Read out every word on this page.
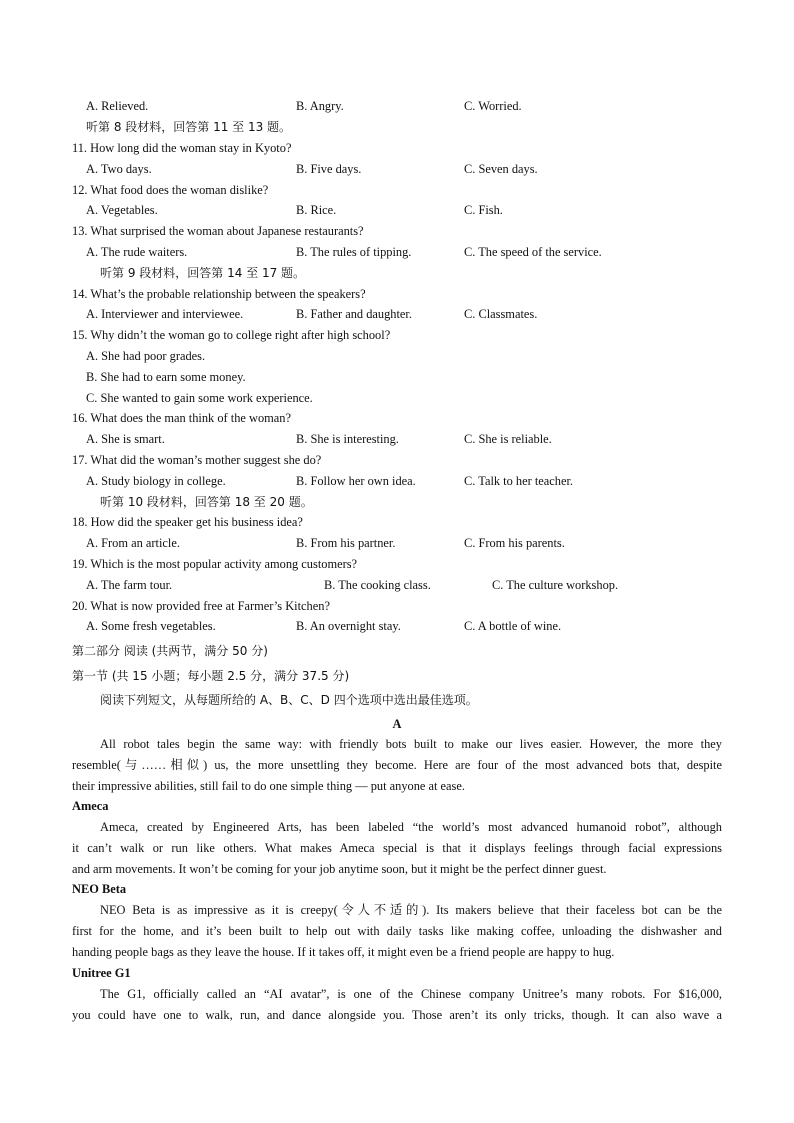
A. Relieved.	B. Angry.	C. Worried.
听第 8 段材料，回答第 11 至 13 题。
11. How long did the woman stay in Kyoto?
A. Two days.	B. Five days.	C. Seven days.
12. What food does the woman dislike?
A. Vegetables.	B. Rice.	C. Fish.
13. What surprised the woman about Japanese restaurants?
A. The rude waiters.	B. The rules of tipping.	C. The speed of the service.
听第 9 段材料，回答第 14 至 17 题。
14. What’s the probable relationship between the speakers?
A. Interviewer and interviewee.	B. Father and daughter.	C. Classmates.
15. Why didn’t the woman go to college right after high school?
A. She had poor grades.
B. She had to earn some money.
C. She wanted to gain some work experience.
16. What does the man think of the woman?
A. She is smart.	B. She is interesting.	C. She is reliable.
17. What did the woman’s mother suggest she do?
A. Study biology in college.	B. Follow her own idea.	C. Talk to her teacher.
听第 10 段材料，回答第 18 至 20 题。
18. How did the speaker get his business idea?
A. From an article.	B. From his partner.	C. From his parents.
19. Which is the most popular activity among customers?
A. The farm tour.	B. The cooking class.	C. The culture workshop.
20. What is now provided free at Farmer’s Kitchen?
A. Some fresh vegetables.	B. An overnight stay.	C. A bottle of wine.
第二部分 阅读 (共两节，满分 50 分)
第一节 (共 15 小题；每小题 2.5 分，满分 37.5 分)
阅读下列短文，从每题所给的 A、B、C、D 四个选项中选出最佳选项。
A
All robot tales begin the same way: with friendly bots built to make our lives easier. However, the more they
resemble(与……相似) us, the more unsettling they become. Here are four of the most advanced bots that, despite
their impressive abilities, still fail to do one simple thing — put anyone at ease.
Ameca
Ameca, created by Engineered Arts, has been labeled “the world’s most advanced humanoid robot”, although
it can’t walk or run like others. What makes Ameca special is that it displays feelings through facial expressions
and arm movements. It won’t be coming for your job anytime soon, but it might be the perfect dinner guest.
NEO Beta
NEO Beta is as impressive as it is creepy(令人不适的). Its makers believe that their faceless bot can be the
first for the home, and it’s been built to help out with daily tasks like making coffee, unloading the dishwasher and
handing people bags as they leave the house. If it takes off, it might even be a friend people are happy to hug.
Unitree G1
The G1, officially called an “AI avatar”, is one of the Chinese company Unitree’s many robots. For $16,000,
you could have one to walk, run, and dance alongside you. Those aren’t its only tricks, though. It can also wave a
